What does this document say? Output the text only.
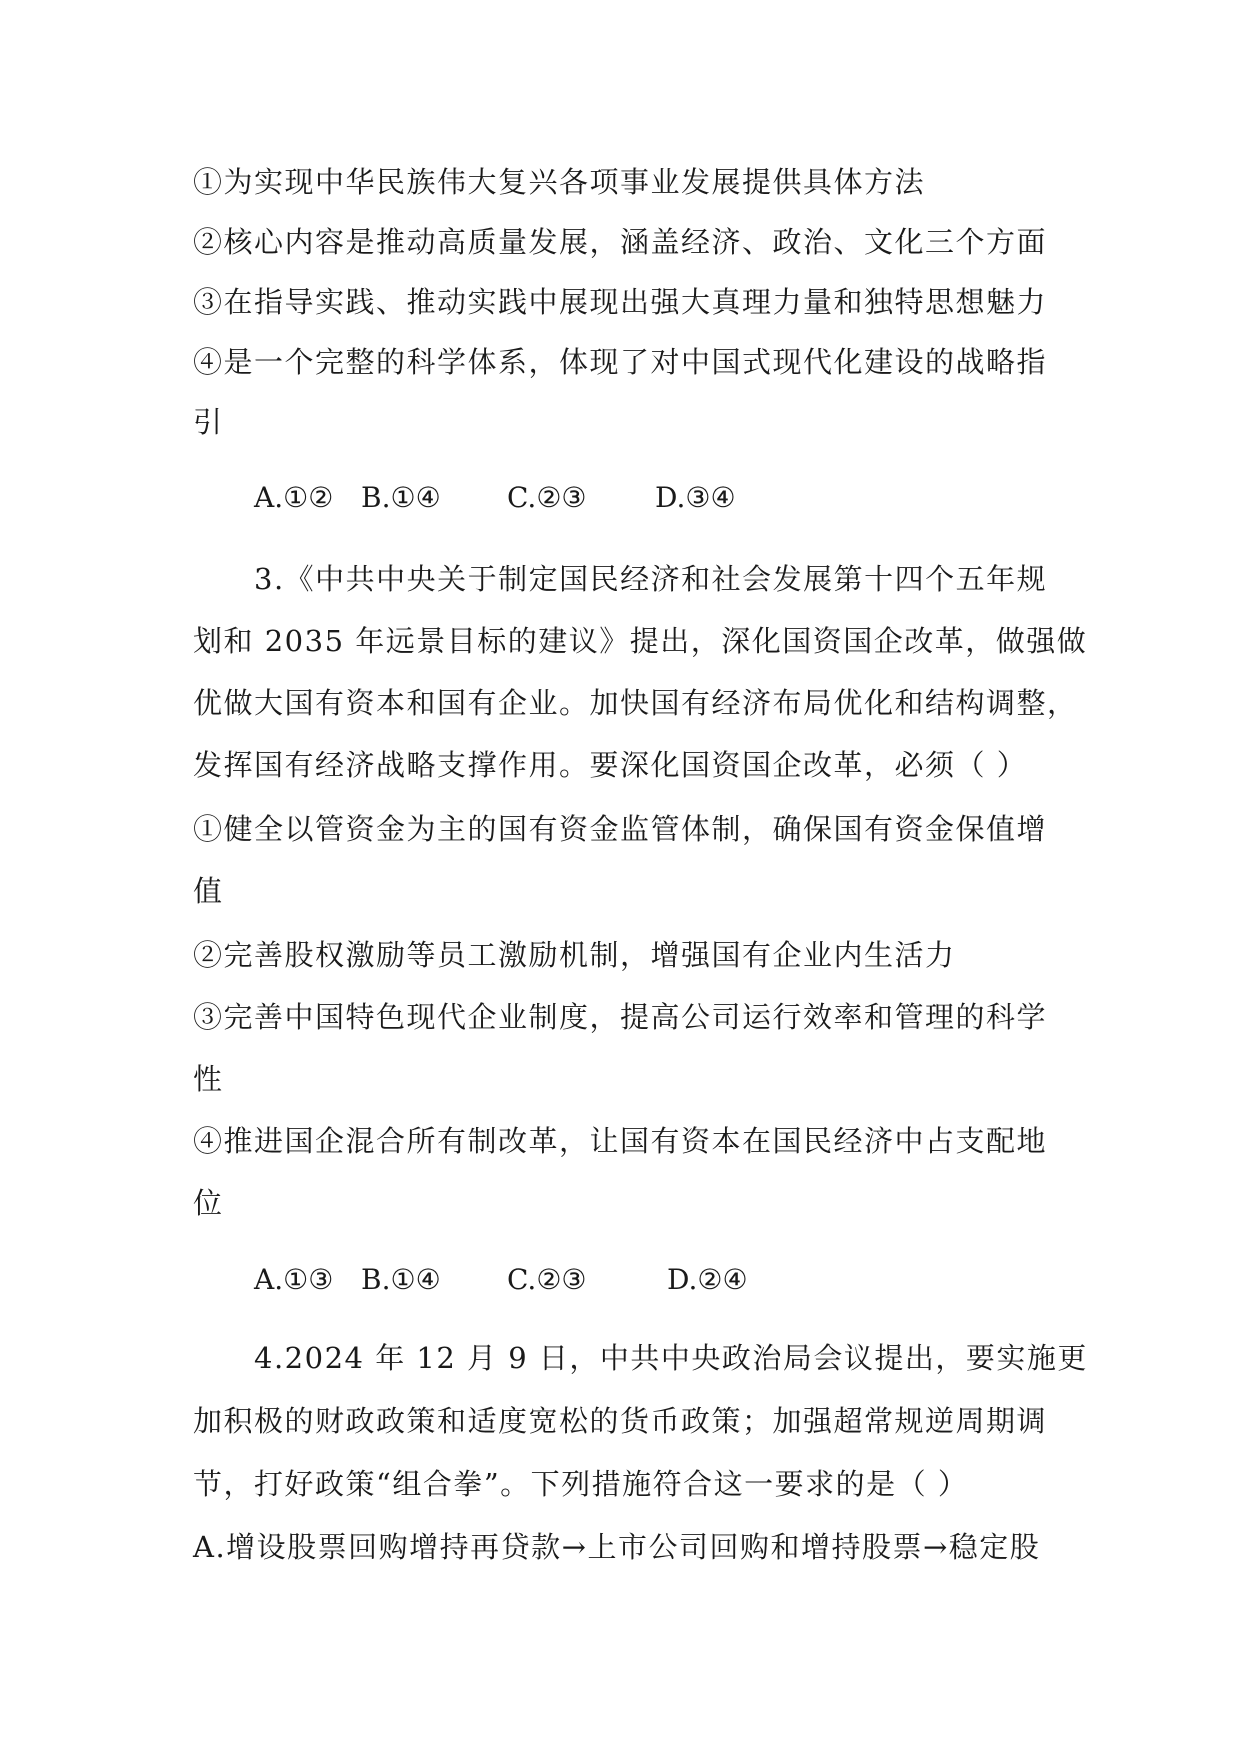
①为实现中华民族伟大复兴各项事业发展提供具体方法
②核心内容是推动高质量发展，涵盖经济、政治、文化三个方面
③在指导实践、推动实践中展现出强大真理力量和独特思想魅力
④是一个完整的科学体系，体现了对中国式现代化建设的战略指
引
A.①② B.①④ C.②③ D.③④
3.《中共中央关于制定国民经济和社会发展第十四个五年规
划和 2035 年远景目标的建议》提出，深化国资国企改革，做强做
优做大国有资本和国有企业。加快国有经济布局优化和结构调整，
发挥国有经济战略支撑作用。要深化国资国企改革，必须（ ）
①健全以管资金为主的国有资金监管体制，确保国有资金保值增
值
②完善股权激励等员工激励机制，增强国有企业内生活力
③完善中国特色现代企业制度，提高公司运行效率和管理的科学
性
④推进国企混合所有制改革，让国有资本在国民经济中占支配地
位
A.①③ B.①④ C.②③	D.②④
4.2024 年 12 月 9 日，中共中央政治局会议提出，要实施更
加积极的财政政策和适度宽松的货币政策；加强超常规逆周期调
节，打好政策“组合拳”。下列措施符合这一要求的是（ ）
A.增设股票回购增持再贷款→上市公司回购和增持股票→稳定股
